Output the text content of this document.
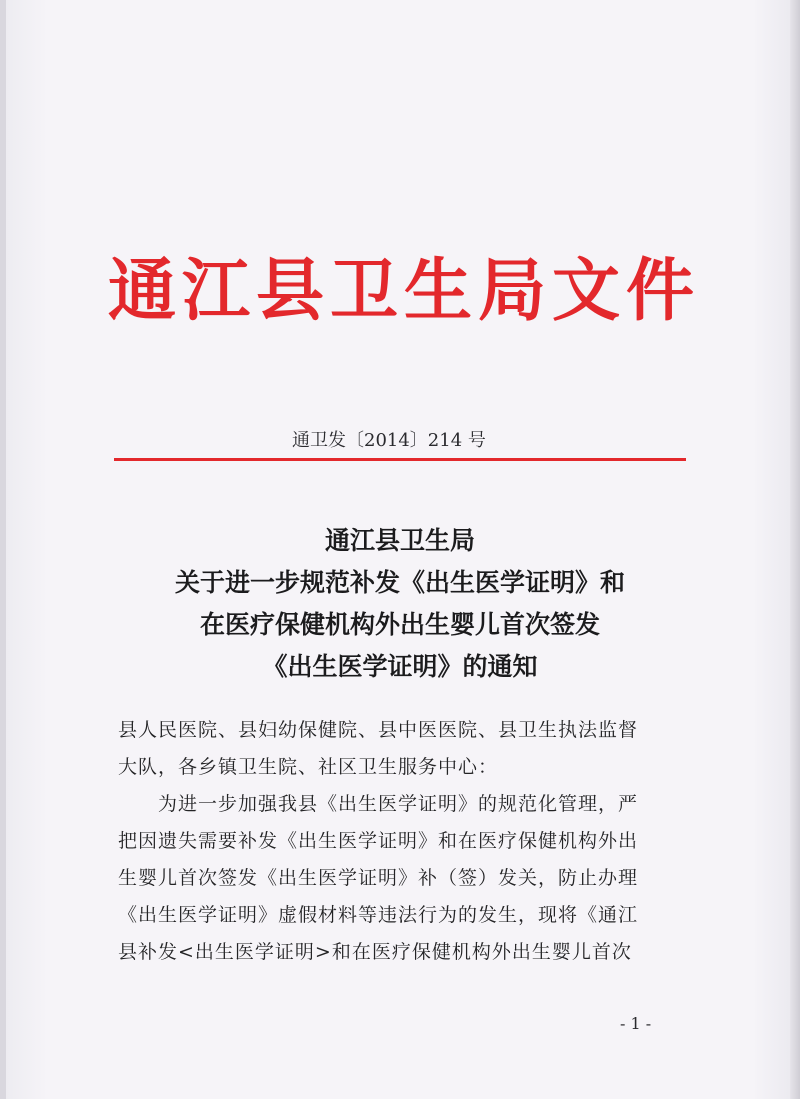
通江县卫生局文件
通卫发〔2014〕214 号
通江县卫生局
关于进一步规范补发《出生医学证明》和
在医疗保健机构外出生婴儿首次签发
《出生医学证明》的通知
县人民医院、县妇幼保健院、县中医医院、县卫生执法监督
大队，各乡镇卫生院、社区卫生服务中心：
为进一步加强我县《出生医学证明》的规范化管理，严
把因遗失需要补发《出生医学证明》和在医疗保健机构外出
生婴儿首次签发《出生医学证明》补（签）发关，防止办理
《出生医学证明》虚假材料等违法行为的发生，现将《通江
县补发<出生医学证明>和在医疗保健机构外出生婴儿首次
- 1 -
